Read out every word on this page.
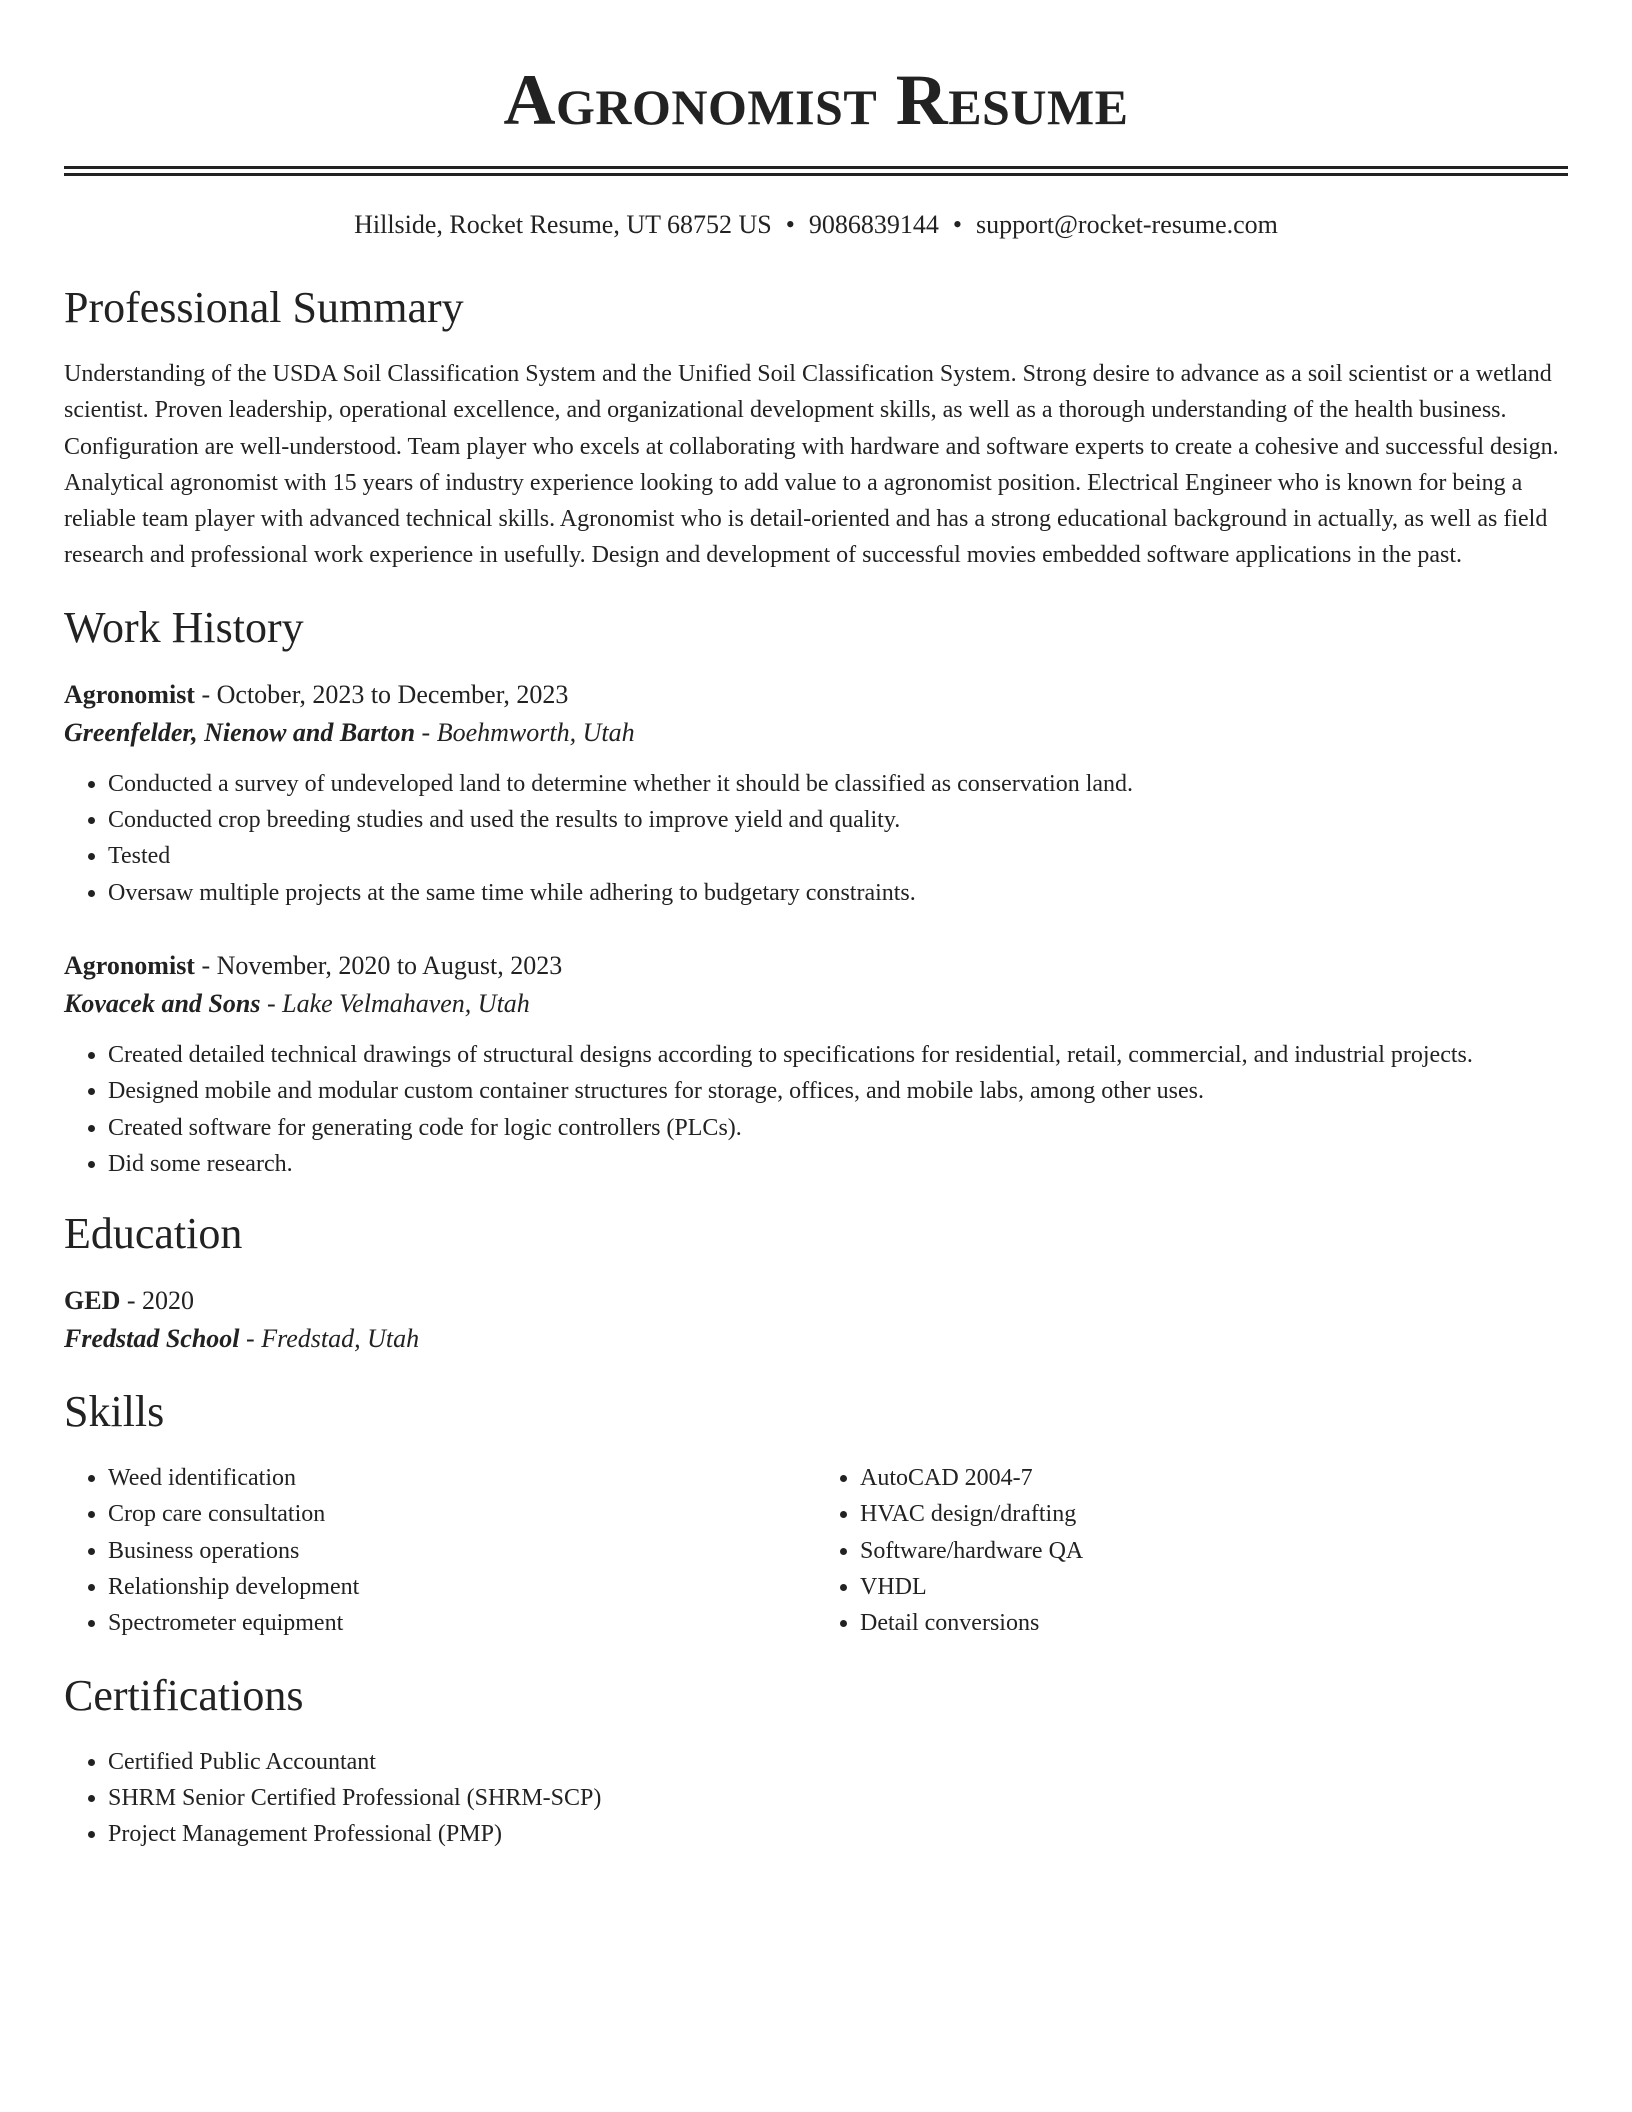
Agronomist Resume
Hillside, Rocket Resume, UT 68752 US • 9086839144 • support@rocket-resume.com
Professional Summary

Understanding of the USDA Soil Classification System and the Unified Soil Classification System. Strong desire to advance as a soil scientist or a wetland scientist. Proven leadership, operational excellence, and organizational development skills, as well as a thorough understanding of the health business. Configuration are well-understood. Team player who excels at collaborating with hardware and software experts to create a cohesive and successful design. Analytical agronomist with 15 years of industry experience looking to add value to a agronomist position. Electrical Engineer who is known for being a reliable team player with advanced technical skills. Agronomist who is detail-oriented and has a strong educational background in actually, as well as field research and professional work experience in usefully. Design and development of successful movies embedded software applications in the past.

Work History
Agronomist - October, 2023 to December, 2023
Greenfelder, Nienow and Barton - Boehmworth, Utah
• Conducted a survey of undeveloped land to determine whether it should be classified as conservation land.
• Conducted crop breeding studies and used the results to improve yield and quality.
• Tested
• Oversaw multiple projects at the same time while adhering to budgetary constraints.
Agronomist - November, 2020 to August, 2023
Kovacek and Sons - Lake Velmahaven, Utah
• Created detailed technical drawings of structural designs according to specifications for residential, retail, commercial, and industrial projects.
• Designed mobile and modular custom container structures for storage, offices, and mobile labs, among other uses.
• Created software for generating code for logic controllers (PLCs).
• Did some research.
Education
GED - 2020
Fredstad School - Fredstad, Utah
Skills
• Weed identification
• Crop care consultation
• Business operations
• Relationship development
• Spectrometer equipment
• AutoCAD 2004-7
• HVAC design/drafting
• Software/hardware QA
• VHDL
• Detail conversions
Certifications
• Certified Public Accountant
• SHRM Senior Certified Professional (SHRM-SCP)
• Project Management Professional (PMP)
